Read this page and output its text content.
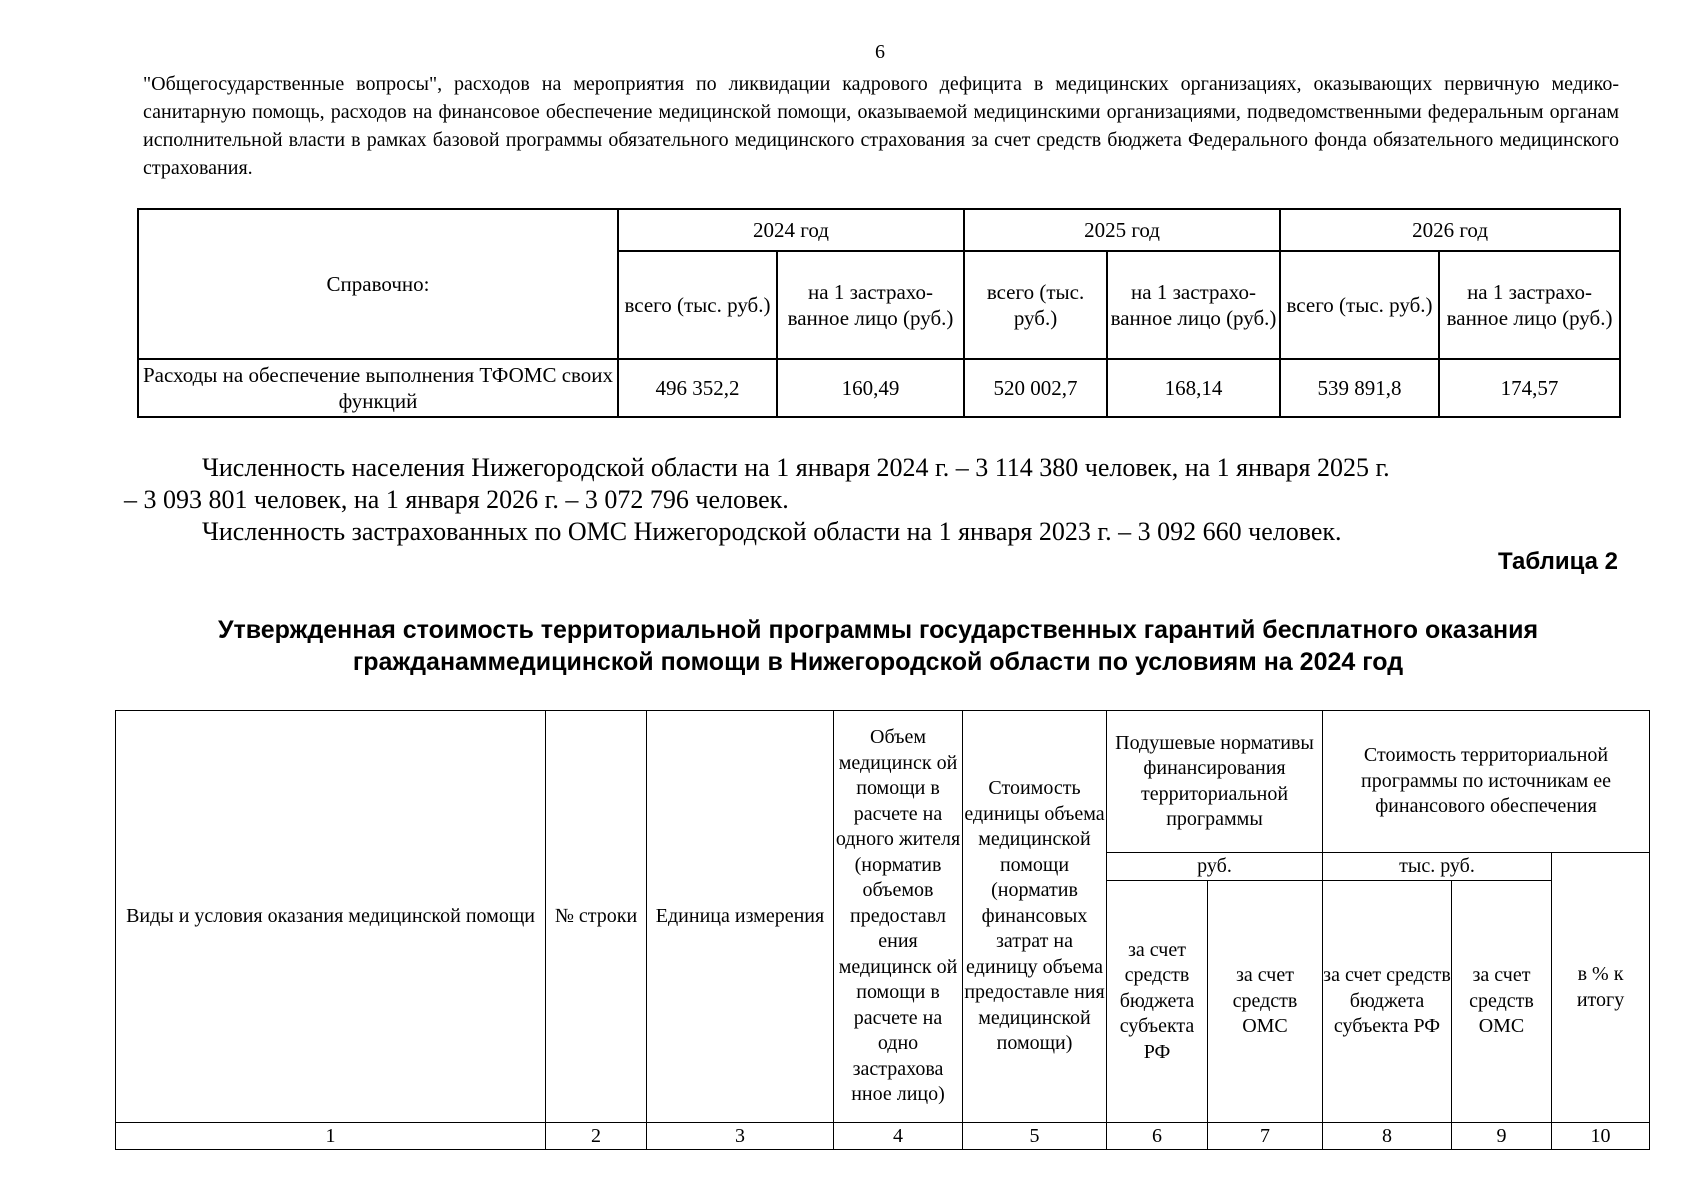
6

"Общегосударственные вопросы", расходов на мероприятия по ликвидации кадрового дефицита в медицинских организациях, оказывающих первичную медико-санитарную помощь, расходов на финансовое обеспечение медицинской помощи, оказываемой медицинскими организациями, подведомственными федеральным органам исполнительной власти в рамках базовой программы обязательного медицинского страхования за счет средств бюджета Федерального фонда обязательного медицинского страхования.

Справочно:	2024 год		2025 год		2026 год	
	всего (тыс. руб.)	на 1 застрахо-ванное лицо (руб.)	всего (тыс. руб.)	на 1 застрахо-ванное лицо (руб.)	всего (тыс. руб.)	на 1 застрахо-ванное лицо (руб.)
Расходы на обеспечение выполнения ТФОМС своих функций	496 352,2	160,49	520 002,7	168,14	539 891,8	174,57

Численность населения Нижегородской области на 1 января 2024 г. – 3 114 380 человек, на 1 января 2025 г.

– 3 093 801 человек, на 1 января 2026 г. – 3 072 796 человек.

Численность застрахованных по ОМС Нижегородской области на 1 января 2023 г. – 3 092 660 человек.

Таблица 2
Утвержденная стоимость территориальной программы государственных гарантий бесплатного оказания
гражданаммедицинской помощи в Нижегородской области по условиям на 2024 год
Виды и условия оказания медицинской помощи	№ строки	Единица измерения	Объем медицинск ой помощи в расчете на одного жителя (норматив объемов предоставл ения медицинск ой помощи в расчете на одно застрахова нное лицо)	Стоимость единицы объема медицинской помощи (норматив финансовых затрат на единицу объема предоставле ния медицинской помощи)	Подушевые нормативы финансирования территориальной программы		Стоимость территориальной программы по источникам ее финансового обеспечения		
					руб.		тыс. руб.		в % к итогу
					за счет средств бюджета субъекта РФ	за счет средств ОМС	за счет средств бюджета субъекта РФ	за счет средств ОМС	
1	2	3	4	5	6	7	8	9	10
